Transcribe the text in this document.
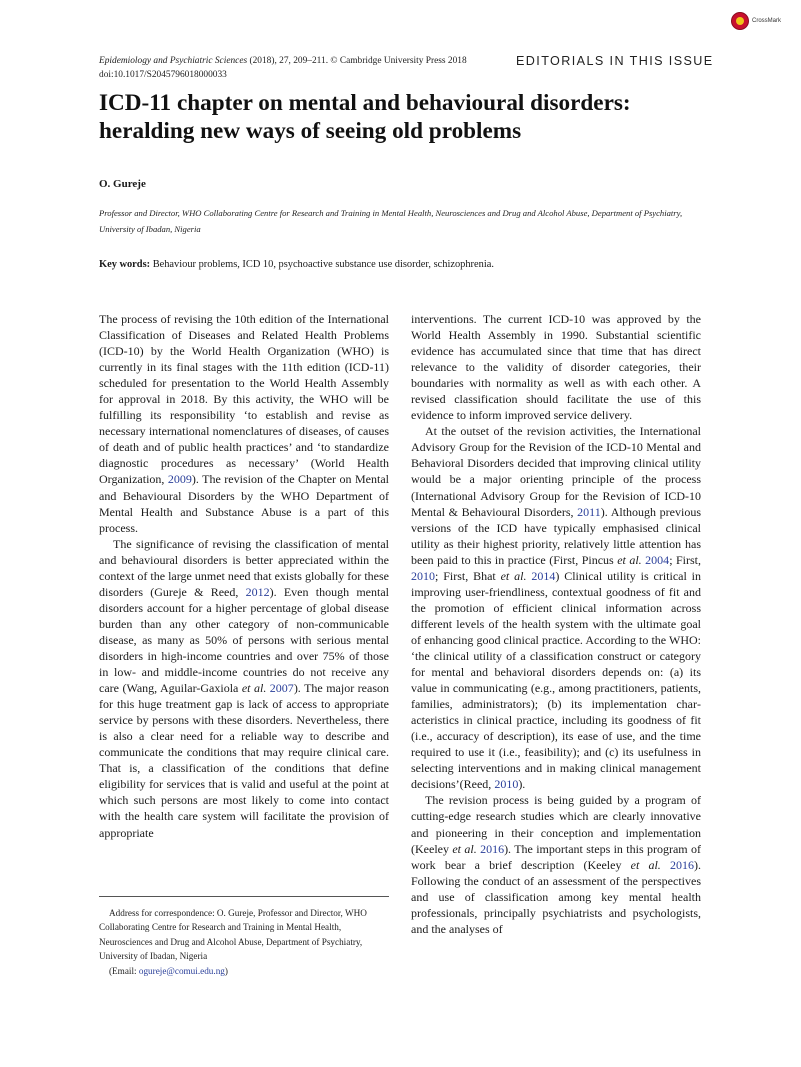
CrossMark
Epidemiology and Psychiatric Sciences (2018), 27, 209–211. © Cambridge University Press 2018
doi:10.1017/S2045796018000033
EDITORIALS IN THIS ISSUE
ICD-11 chapter on mental and behavioural disorders: heralding new ways of seeing old problems
O. Gureje
Professor and Director, WHO Collaborating Centre for Research and Training in Mental Health, Neurosciences and Drug and Alcohol Abuse, Department of Psychiatry, University of Ibadan, Nigeria
Key words: Behaviour problems, ICD 10, psychoactive substance use disorder, schizophrenia.

The process of revising the 10th edition of the International Classification of Diseases and Related Health Problems (ICD-10) by the World Health Organization (WHO) is currently in its final stages with the 11th edition (ICD-11) scheduled for presentation to the World Health Assembly for approval in 2018. By this activity, the WHO will be fulfilling its responsibility ‘to establish and revise as necessary international nomenclatures of diseases, of causes of death and of public health practices’ and ‘to standardize diagnostic procedures as necessary’ (World Health Organization, 2009). The revision of the Chapter on Mental and Behavioural Disorders by the WHO Department of Mental Health and Substance Abuse is a part of this process.

The significance of revising the classification of mental and behavioural disorders is better appreciated within the context of the large unmet need that exists globally for these disorders (Gureje & Reed, 2012). Even though mental disorders account for a higher percentage of global disease burden than any other category of non-communicable disease, as many as 50% of persons with serious mental disorders in high-income countries and over 75% of those in low- and middle-income countries do not receive any care (Wang, Aguilar-Gaxiola et al. 2007). The major reason for this huge treatment gap is lack of access to appropriate service by persons with these disorders. Nevertheless, there is also a clear need for a reliable way to describe and communicate the conditions that may require clinical care. That is, a classification of the conditions that define eligibility for services that is valid and useful at the point at which such persons are most likely to come into contact with the health care system will facilitate the provision of appropriate

interventions. The current ICD-10 was approved by the World Health Assembly in 1990. Substantial scientific evidence has accumulated since that time that has direct relevance to the validity of disorder categories, their boundaries with normality as well as with each other. A revised classification should facilitate the use of this evidence to inform improved service delivery.

At the outset of the revision activities, the International Advisory Group for the Revision of the ICD-10 Mental and Behavioral Disorders decided that improving clinical utility would be a major orienting principle of the process (International Advisory Group for the Revision of ICD-10 Mental & Behavioural Disorders, 2011). Although previous versions of the ICD have typically emphasised clinical utility as their highest priority, relatively little attention has been paid to this in practice (First, Pincus et al. 2004; First, 2010; First, Bhat et al. 2014) Clinical utility is critical in improving user-friendliness, contextual goodness of fit and the promotion of efficient clinical information across different levels of the health system with the ultimate goal of enhancing good clinical practice. According to the WHO: ‘the clinical utility of a classification construct or category for mental and behavioral disorders depends on: (a) its value in communicating (e.g., among practitioners, patients, families, administrators); (b) its implementation characteristics in clinical practice, including its goodness of fit (i.e., accuracy of description), its ease of use, and the time required to use it (i.e., feasibility); and (c) its usefulness in selecting interventions and in making clinical management decisions’(Reed, 2010).

The revision process is being guided by a program of cutting-edge research studies which are clearly innovative and pioneering in their conception and implementation (Keeley et al. 2016). The important steps in this program of work bear a brief description (Keeley et al. 2016). Following the conduct of an assessment of the perspectives and use of classification among key mental health professionals, principally psychiatrists and psychologists, and the analyses of

Address for correspondence: O. Gureje, Professor and Director, WHO Collaborating Centre for Research and Training in Mental Health, Neurosciences and Drug and Alcohol Abuse, Department of Psychiatry, University of Ibadan, Nigeria

(Email: ogureje@comui.edu.ng)
